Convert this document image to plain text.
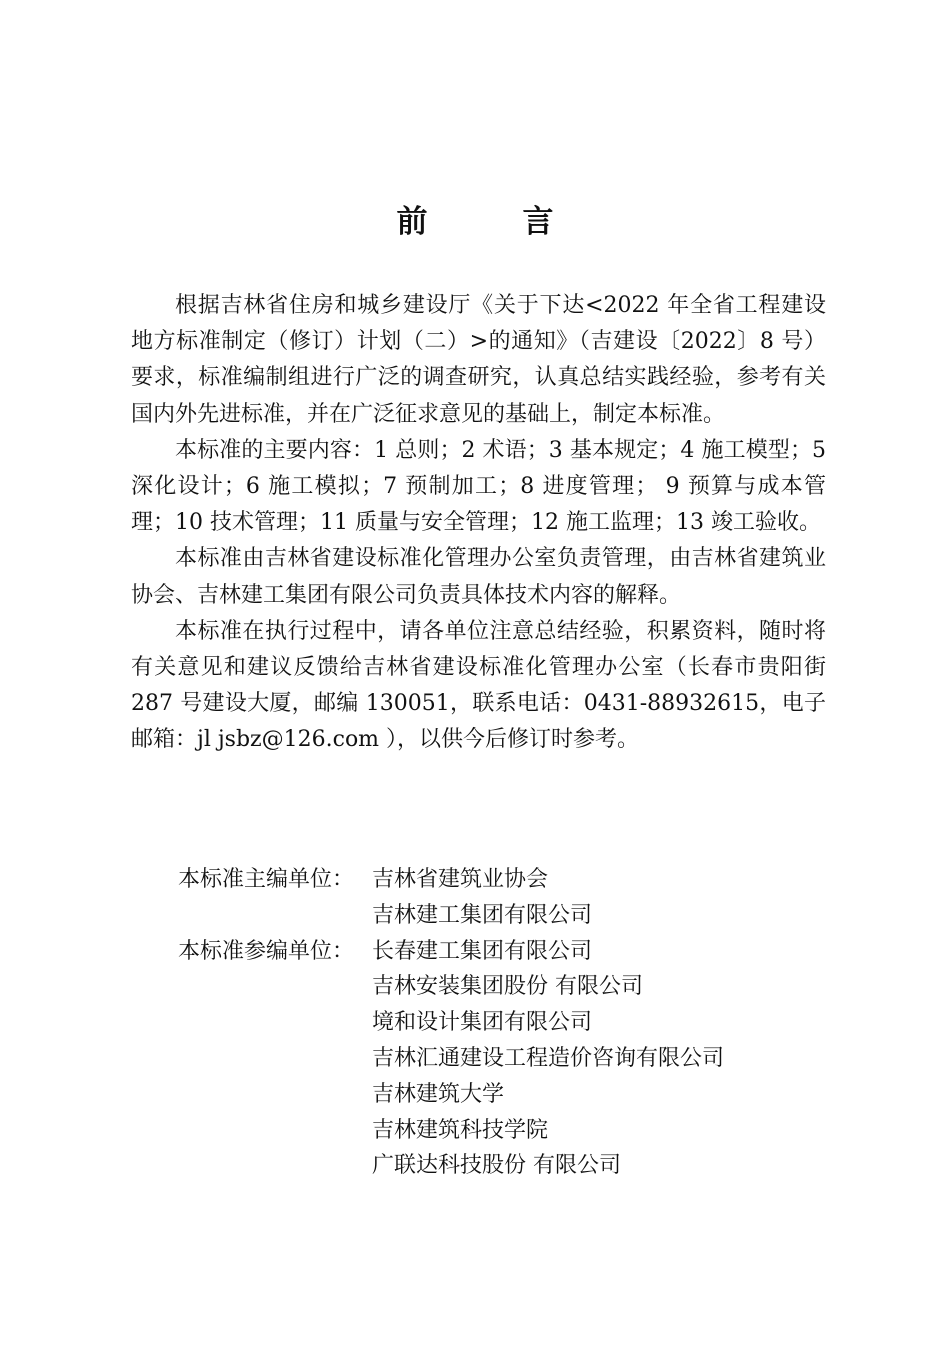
前　言

根据吉林省住房和城乡建设厅《关于下达<2022 年全省工程建设地方标准制定（修订）计划（二）>的通知》（吉建设〔2022〕8 号）要求，标准编制组进行广泛的调查研究，认真总结实践经验，参考有关国内外先进标准，并在广泛征求意见的基础上，制定本标准。

本标准的主要内容：1 总则；2 术语；3 基本规定；4 施工模型；5 深化设计；6 施工模拟；7 预制加工；8 进度管理； 9 预算与成本管理；10 技术管理；11 质量与安全管理；12 施工监理；13 竣工验收。

本标准由吉林省建设标准化管理办公室负责管理，由吉林省建筑业协会、吉林建工集团有限公司负责具体技术内容的解释。

本标准在执行过程中，请各单位注意总结经验，积累资料，随时将有关意见和建议反馈给吉林省建设标准化管理办公室（长春市贵阳街 287 号建设大厦，邮编 130051，联系电话：0431-88932615，电子邮箱：jl jsbz@126.com ），以供今后修订时参考。

本标准主编单位： 吉林省建筑业协会
吉林建工集团有限公司
本标准参编单位： 长春建工集团有限公司
吉林安装集团股份 有限公司
境和设计集团有限公司
吉林汇通建设工程造价咨询有限公司
吉林建筑大学
吉林建筑科技学院
广联达科技股份 有限公司
